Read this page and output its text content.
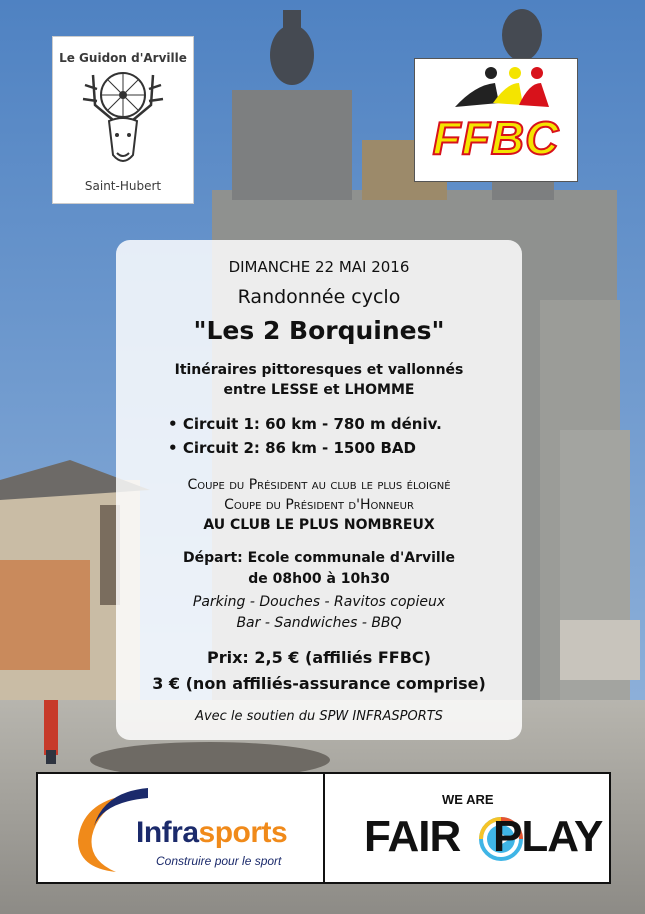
Le Guidon d'Arville
Saint-Hubert
FFBC
DIMANCHE 22 MAI 2016
Randonnée cyclo
"Les 2 Borquines"
Itinéraires pittoresques et vallonnés
entre LESSE et LHOMME
• Circuit 1: 60 km - 780 m déniv.
• Circuit 2: 86 km - 1500 BAD
Coupe du Président au club le plus éloigné
Coupe du Président d'Honneur
AU CLUB LE PLUS NOMBREUX
Départ: Ecole communale d'Arville
de 08h00 à 10h30
Parking - Douches - Ravitos copieux
Bar - Sandwiches - BBQ
Prix: 2,5 € (affiliés FFBC)
3 € (non affiliés-assurance comprise)
Avec le soutien du SPW INFRASPORTS
Infrasports
Construire pour le sport
WE ARE
FAIR PLAY
